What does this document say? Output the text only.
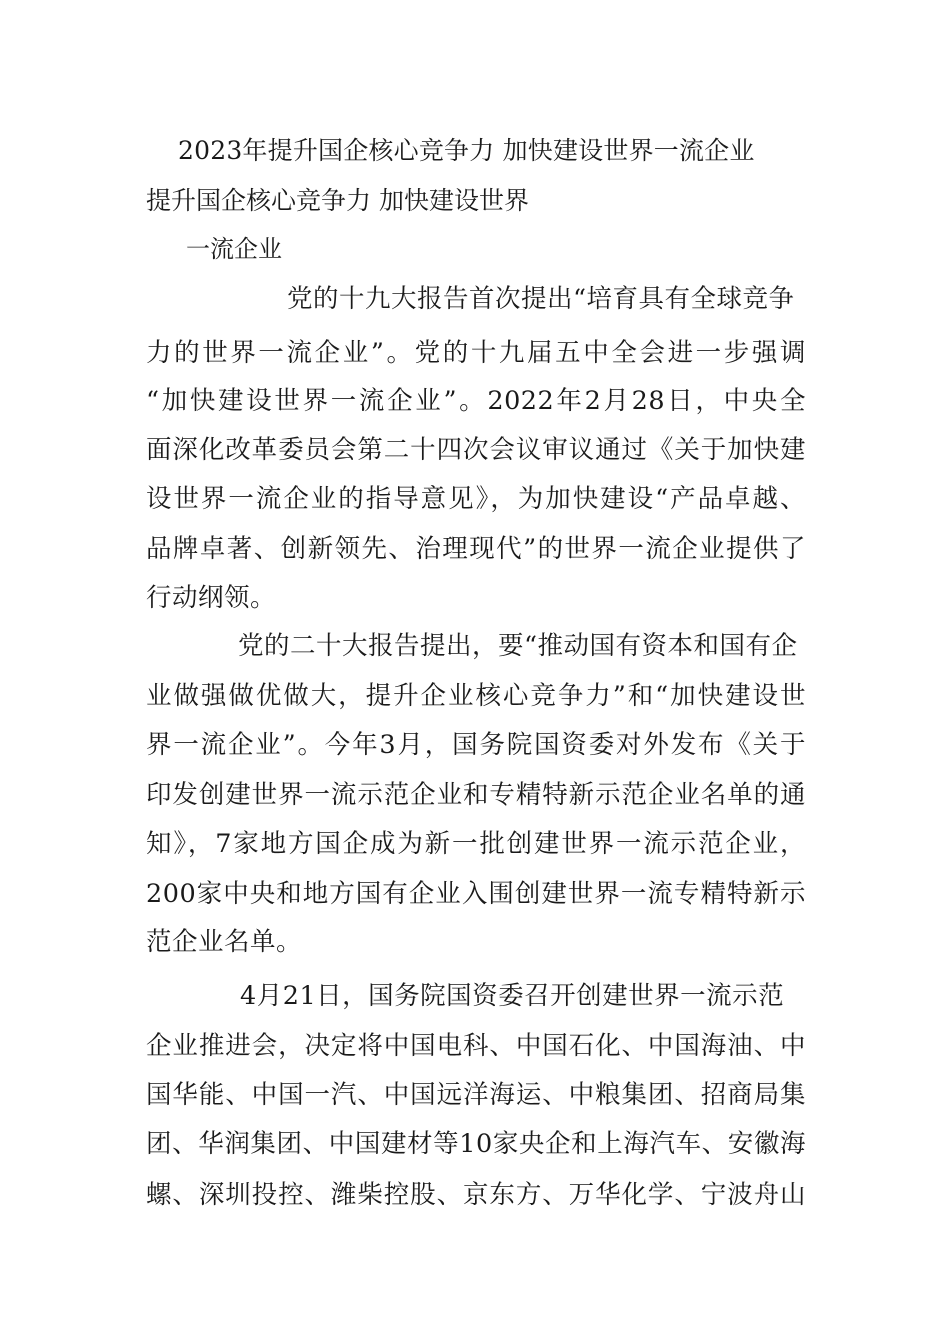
2023年提升国企核心竞争力 加快建设世界一流企业

提升国企核心竞争力 加快建设世界

一流企业

党的十九大报告首次提出“培育具有全球竞争

力的世界一流企业”。党的十九届五中全会进一步强调

“加快建设世界一流企业”。2022年2月28日，中央全

面深化改革委员会第二十四次会议审议通过《关于加快建

设世界一流企业的指导意见》，为加快建设“产品卓越、

品牌卓著、创新领先、治理现代”的世界一流企业提供了

行动纲领。

党的二十大报告提出，要“推动国有资本和国有企

业做强做优做大，提升企业核心竞争力”和“加快建设世

界一流企业”。今年3月，国务院国资委对外发布《关于

印发创建世界一流示范企业和专精特新示范企业名单的通

知》，7家地方国企成为新一批创建世界一流示范企业，

200家中央和地方国有企业入围创建世界一流专精特新示

范企业名单。

4月21日，国务院国资委召开创建世界一流示范

企业推进会，决定将中国电科、中国石化、中国海油、中

国华能、中国一汽、中国远洋海运、中粮集团、招商局集

团、华润集团、中国建材等10家央企和上海汽车、安徽海

螺、深圳投控、潍柴控股、京东方、万华化学、宁波舟山
